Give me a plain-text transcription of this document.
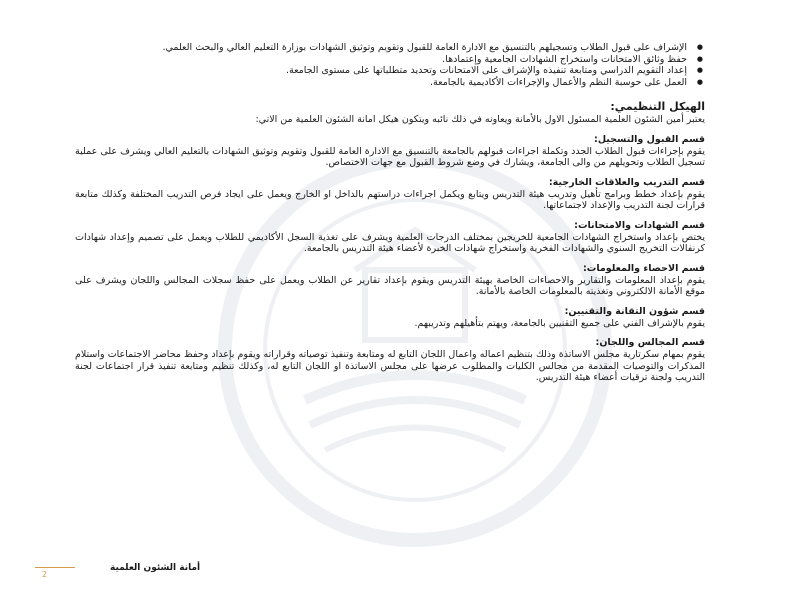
● الإشراف على قبول الطلاب وتسجيلهم بالتنسيق مع الادارة العامة للقبول وتقويم وتوثيق الشهادات بوزارة التعليم العالي والبحث العلمي.
● حفظ وثائق الامتحانات واستخراج الشهادات الجامعية وإعتمادها.
● إعداد التقويم الدراسي ومتابعة تنفيذه والإشراف على الامتحانات وتحديد متطلباتها على مستوى الجامعة.
● العمل على حوسبة النظم والأعمال والإجراءات الأكاديمية بالجامعة.
الهيكل التنظيمي:

يعتبر أمين الشئون العلمية المسئول الاول بالأمانة ويعاونه في ذلك نائبه ويتكون هيكل امانة الشئون العلمية من الاتي:

قسم القبول والتسجيل:

يقوم بإجراءات قبول الطلاب الجدد وتكملة اجراءات قبولهم بالجامعة بالتنسيق مع الادارة العامة للقبول وتقويم وتوثيق الشهادات بالتعليم العالي ويشرف على عملية تسجيل الطلاب وتحويلهم من والى الجامعة، ويشارك في وضع شروط القبول مع جهات الاختصاص.

قسم التدريب والعلاقات الخارجية:

يقوم بإعداد خطط وبرامج تأهيل وتدريب هيئة التدريس ويتابع ويكمل اجراءات دراستهم بالداخل او الخارج ويعمل على ايجاد فرص التدريب المختلفة وكذلك متابعة قرارات لجنة التدريب والإعداد لاجتماعاتها.

قسم الشهادات والامتحانات:

يختص بإعداد واستخراج الشهادات الجامعية للخريجين بمختلف الدرجات العلمية ويشرف على تغذية السجل الأكاديمي للطلاب ويعمل على تصميم وإعداد شهادات كرنفالات التخريج السنوي والشهادات الفخرية واستخراج شهادات الخبرة لأعضاء هيئة التدريس بالجامعة.

قسم الاحصاء والمعلومات:

يقوم بإعداد المعلومات والتقارير والاحصاءات الخاصة بهيئة التدريس ويقوم بإعداد تقارير عن الطلاب ويعمل على حفظ سجلات المجالس واللجان ويشرف على موقع الأمانة الالكتروني وتغذيته بالمعلومات الخاصة بالأمانة.

قسم شؤون التقانة والتقنيين:

يقوم بالإشراف الفني على جميع التقنيين بالجامعة، ويهتم بتأهيلهم وتدريبهم.

قسم المجالس واللجان:

يقوم بمهام سكرتارية مجلس الاساتذة وذلك بتنظيم اعماله واعمال اللجان التابع له ومتابعة وتنفيذ توصياته وقراراته ويقوم بإعداد وحفظ محاضر الاجتماعات واستلام المذكرات والتوصيات المقدمة من مجالس الكليات والمطلوب عرضها على مجلس الاساتذة او اللجان التابع له، وكذلك تنظيم ومتابعة تنفيذ قرار اجتماعات لجنة التدريب ولجنة ترقيات أعضاء هيئة التدريس.

2
أمانة الشئون العلمية
